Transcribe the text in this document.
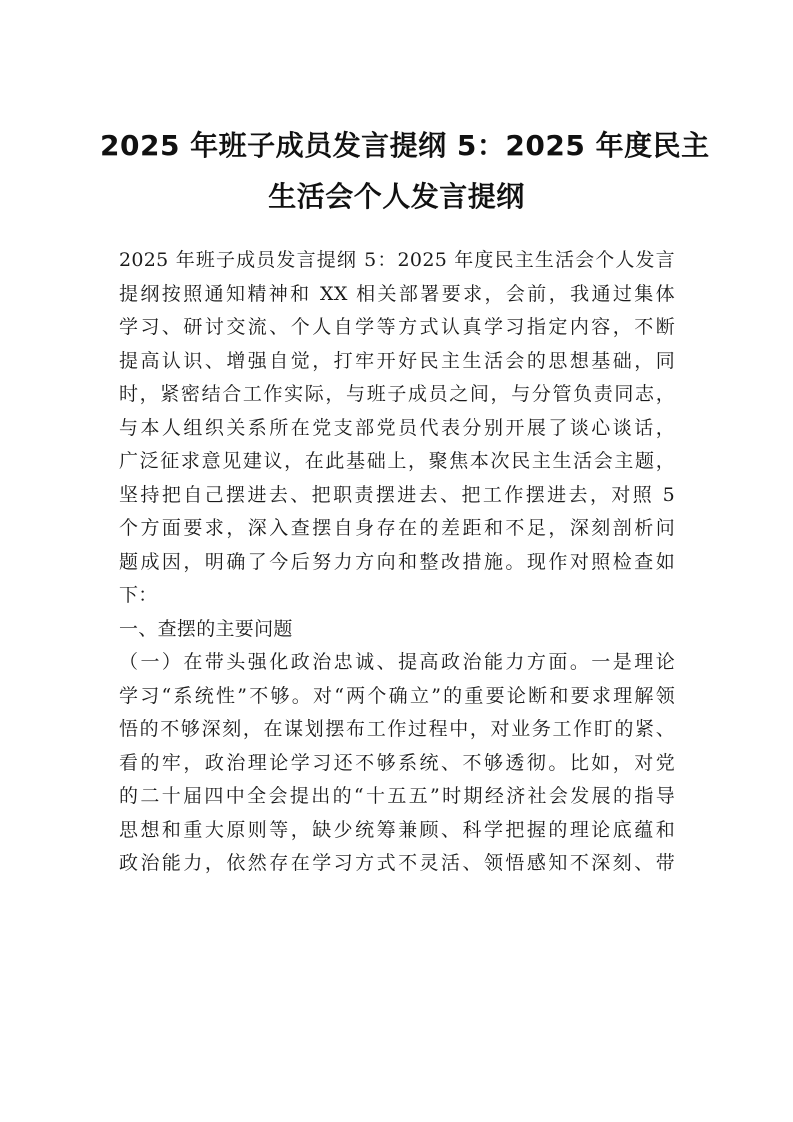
2025 年班子成员发言提纲 5：2025 年度民主
生活会个人发言提纲
2025 年班子成员发言提纲 5：2025 年度民主生活会个人发言
提纲按照通知精神和 XX 相关部署要求，会前，我通过集体
学习、研讨交流、个人自学等方式认真学习指定内容，不断
提高认识、增强自觉，打牢开好民主生活会的思想基础，同
时，紧密结合工作实际，与班子成员之间，与分管负责同志，
与本人组织关系所在党支部党员代表分别开展了谈心谈话，
广泛征求意见建议，在此基础上，聚焦本次民主生活会主题，
坚持把自己摆进去、把职责摆进去、把工作摆进去，对照 5
个方面要求，深入查摆自身存在的差距和不足，深刻剖析问
题成因，明确了今后努力方向和整改措施。现作对照检查如
下：
一、查摆的主要问题
（一）在带头强化政治忠诚、提高政治能力方面。一是理论
学习“系统性”不够。对“两个确立”的重要论断和要求理解领
悟的不够深刻，在谋划摆布工作过程中，对业务工作盯的紧、
看的牢，政治理论学习还不够系统、不够透彻。比如，对党
的二十届四中全会提出的“十五五”时期经济社会发展的指导
思想和重大原则等，缺少统筹兼顾、科学把握的理论底蕴和
政治能力，依然存在学习方式不灵活、领悟感知不深刻、带
